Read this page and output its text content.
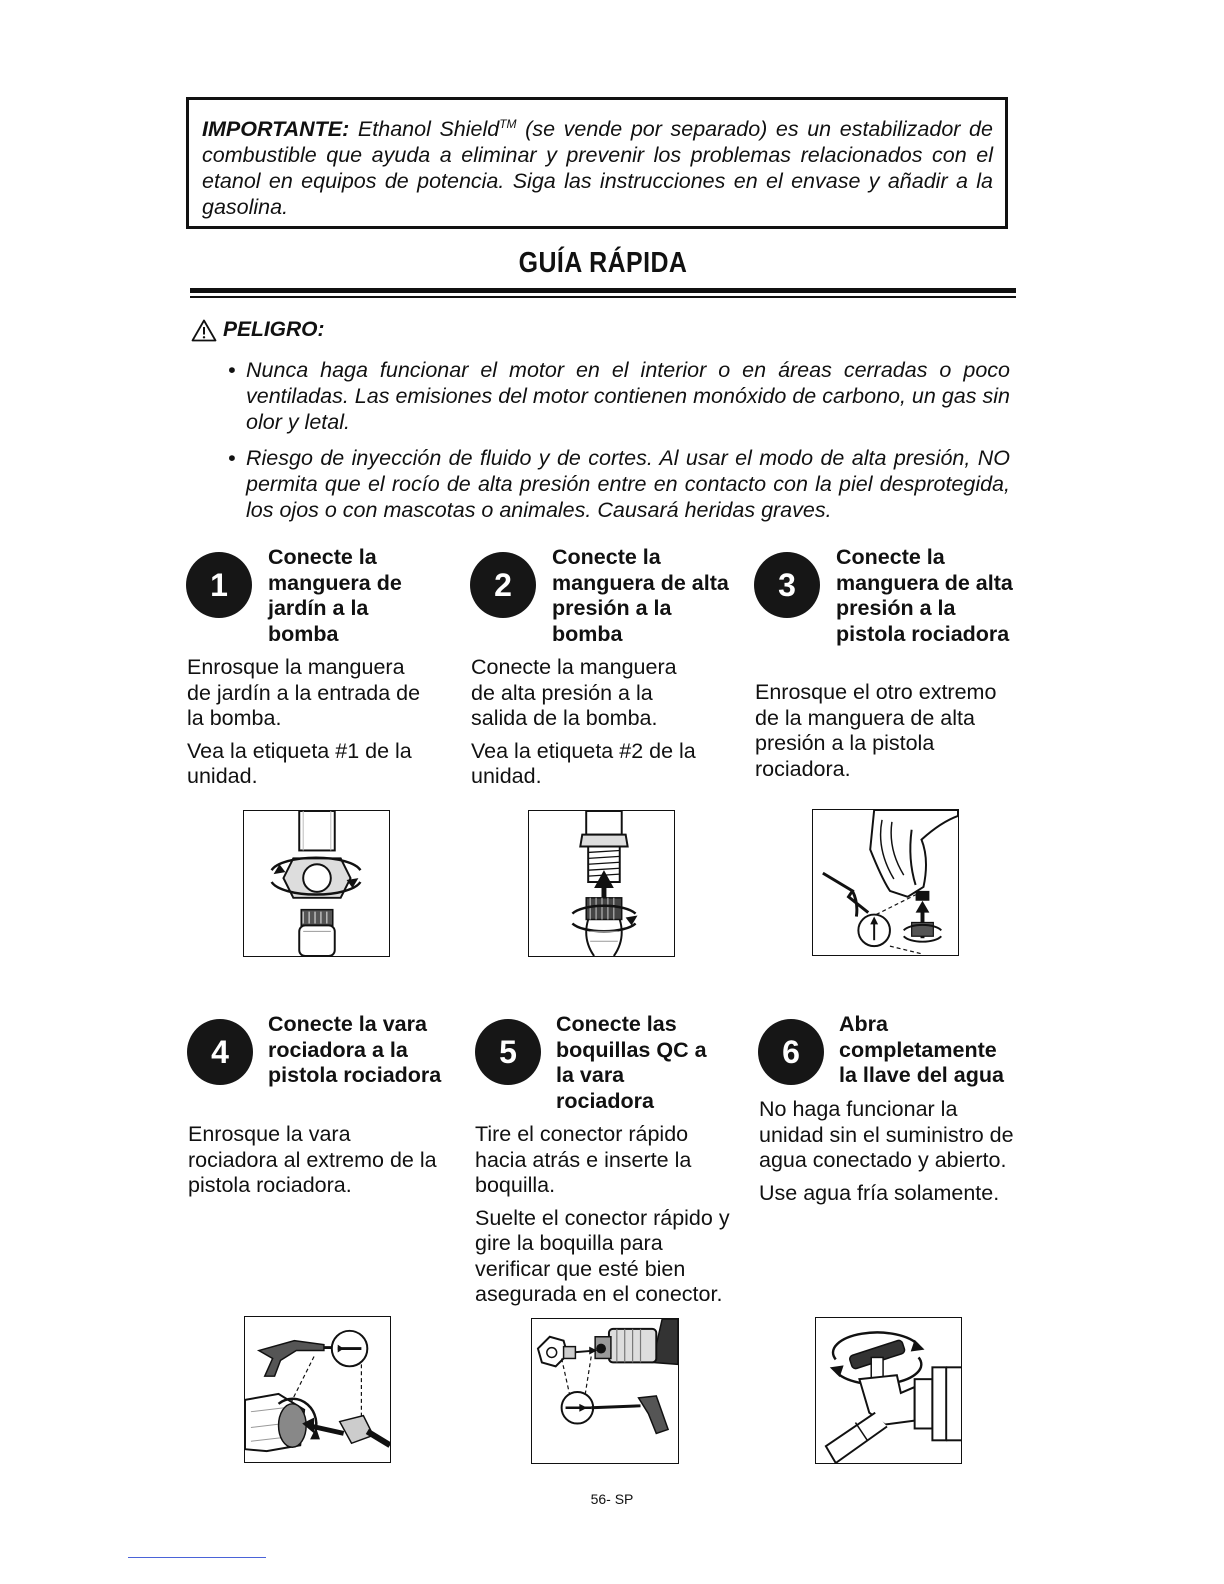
IMPORTANTE: Ethanol Shield™ (se vende por separado) es un estabilizador de combustible que ayuda a eliminar y prevenir los problemas relacionados con el etanol en equipos de potencia. Siga las instrucciones en el envase y añadir a la gasolina.
GUÍA RÁPIDA
PELIGRO:
• Nunca haga funcionar el motor en el interior o en áreas cerradas o poco ventiladas. Las emisiones del motor contienen monóxido de carbono, un gas sin olor y letal.
• Riesgo de inyección de fluido y de cortes. Al usar el modo de alta presión, NO permita que el rocío de alta presión entre en contacto con la piel desprotegida, los ojos o con mascotas o animales. Causará heridas graves.
1
Conecte la manguera de jardín a la bomba

Enrosque la manguera de jardín a la entrada de la bomba.

Vea la etiqueta #1 de la unidad.

2
Conecte la manguera de alta presión a la bomba

Conecte la manguera de alta presión a la salida de la bomba.

Vea la etiqueta #2 de la unidad.

3
Conecte la manguera de alta presión a la pistola rociadora

Enrosque el otro extremo de la manguera de alta presión a la pistola rociadora.

4
Conecte la vara rociadora a la pistola rociadora

Enrosque la vara rociadora al extremo de la pistola rociadora.

5
Conecte las boquillas QC a la vara rociadora

Tire el conector rápido hacia atrás e inserte la boquilla.

Suelte el conector rápido y gire la boquilla para verificar que esté bien asegurada en el conector.

6
Abra completamente la llave del agua

No haga funcionar la unidad sin el suministro de agua conectado y abierto.

Use agua fría solamente.

56- SP
